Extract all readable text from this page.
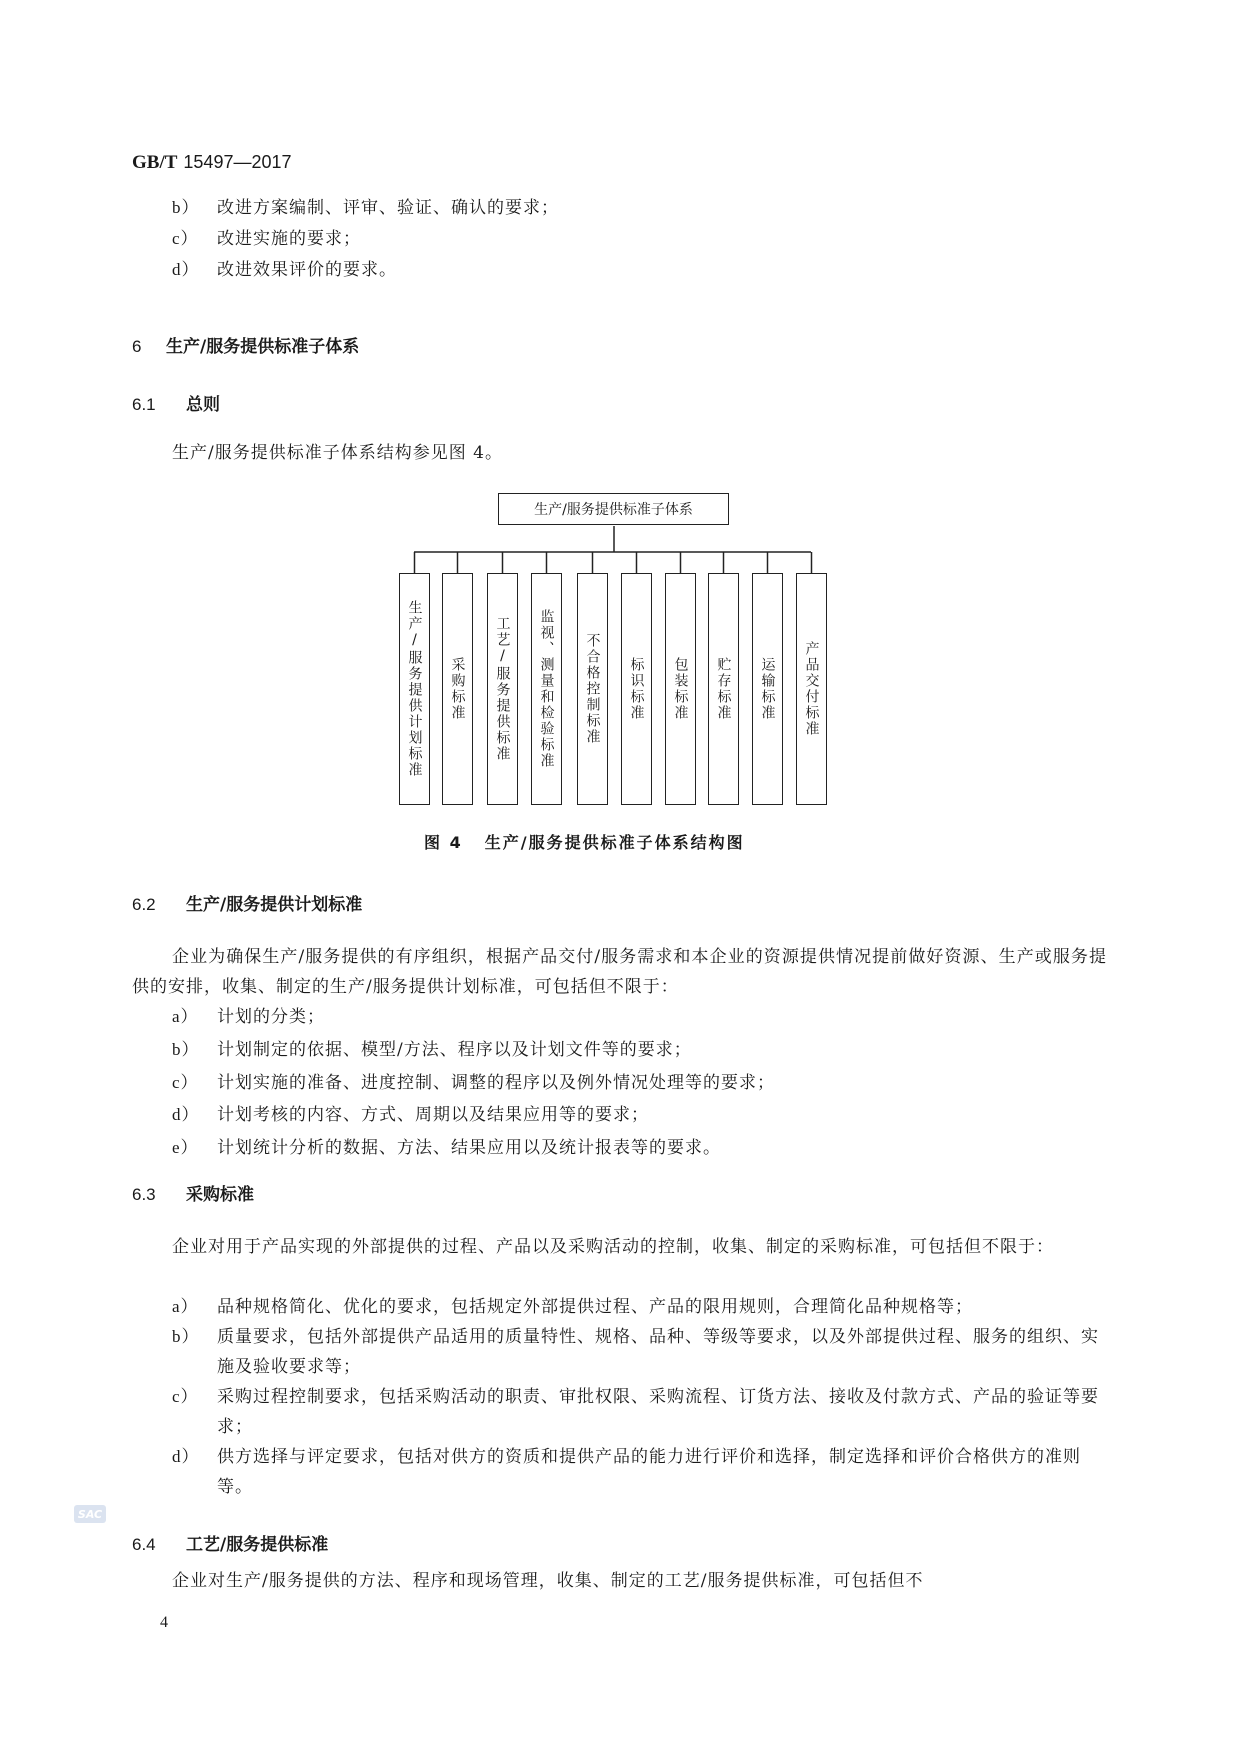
GB/T 15497—2017
b） 改进方案编制、评审、验证、确认的要求；
c） 改进实施的要求；
d） 改进效果评价的要求。
6 生产/服务提供标准子体系
6.1 总则
生产/服务提供标准子体系结构参见图 4。
生产/服务提供标准子体系
生产/服务提供计划标准 采购标准 工艺/服务提供标准 监视、测量和检验标准 不合格控制标准 标识标准 包装标准 贮存标准 运输标准 产品交付标准
图 4 生产/服务提供标准子体系结构图
6.2 生产/服务提供计划标准
企业为确保生产/服务提供的有序组织，根据产品交付/服务需求和本企业的资源提供情况提前做好资源、生产或服务提供的安排，收集、制定的生产/服务提供计划标准，可包括但不限于：
a） 计划的分类；
b） 计划制定的依据、模型/方法、程序以及计划文件等的要求；
c） 计划实施的准备、进度控制、调整的程序以及例外情况处理等的要求；
d） 计划考核的内容、方式、周期以及结果应用等的要求；
e） 计划统计分析的数据、方法、结果应用以及统计报表等的要求。
6.3 采购标准
企业对用于产品实现的外部提供的过程、产品以及采购活动的控制，收集、制定的采购标准，可包括但不限于：
a） 品种规格简化、优化的要求，包括规定外部提供过程、产品的限用规则，合理简化品种规格等；
b） 质量要求，包括外部提供产品适用的质量特性、规格、品种、等级等要求，以及外部提供过程、服务的组织、实施及验收要求等；
c） 采购过程控制要求，包括采购活动的职责、审批权限、采购流程、订货方法、接收及付款方式、产品的验证等要求；
d） 供方选择与评定要求，包括对供方的资质和提供产品的能力进行评价和选择，制定选择和评价合格供方的准则等。
SAC
6.4 工艺/服务提供标准
企业对生产/服务提供的方法、程序和现场管理，收集、制定的工艺/服务提供标准，可包括但不
4
